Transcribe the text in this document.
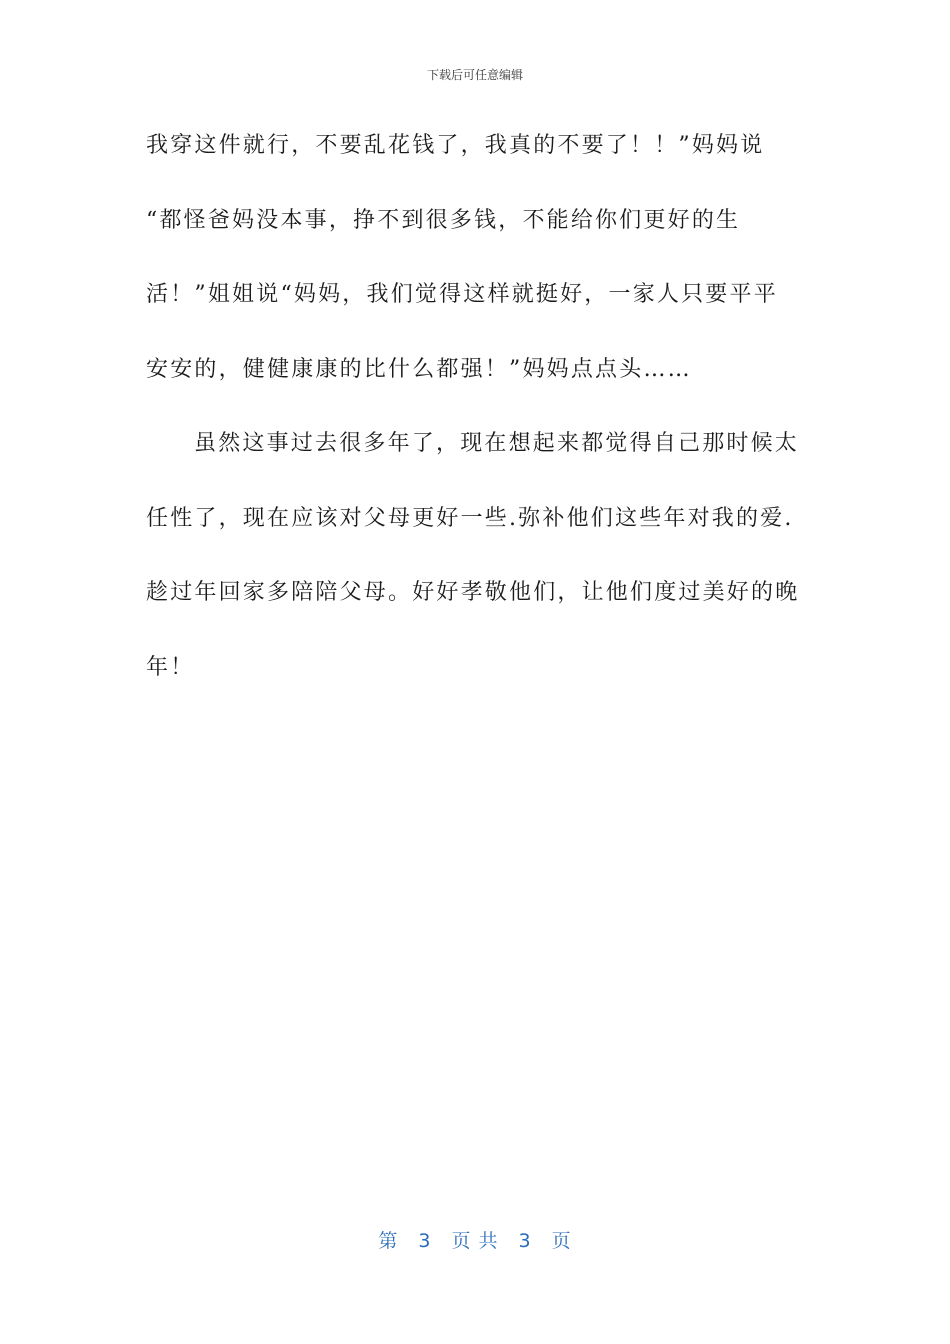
下载后可任意编辑
我穿这件就行，不要乱花钱了，我真的不要了！！”妈妈说
“都怪爸妈没本事，挣不到很多钱，不能给你们更好的生
活！”姐姐说“妈妈，我们觉得这样就挺好，一家人只要平平
安安的，健健康康的比什么都强！”妈妈点点头……
虽然这事过去很多年了，现在想起来都觉得自己那时候太
任性了，现在应该对父母更好一些.弥补他们这些年对我的爱.
趁过年回家多陪陪父母。好好孝敬他们，让他们度过美好的晚
年！
第 3 页 共 3 页
